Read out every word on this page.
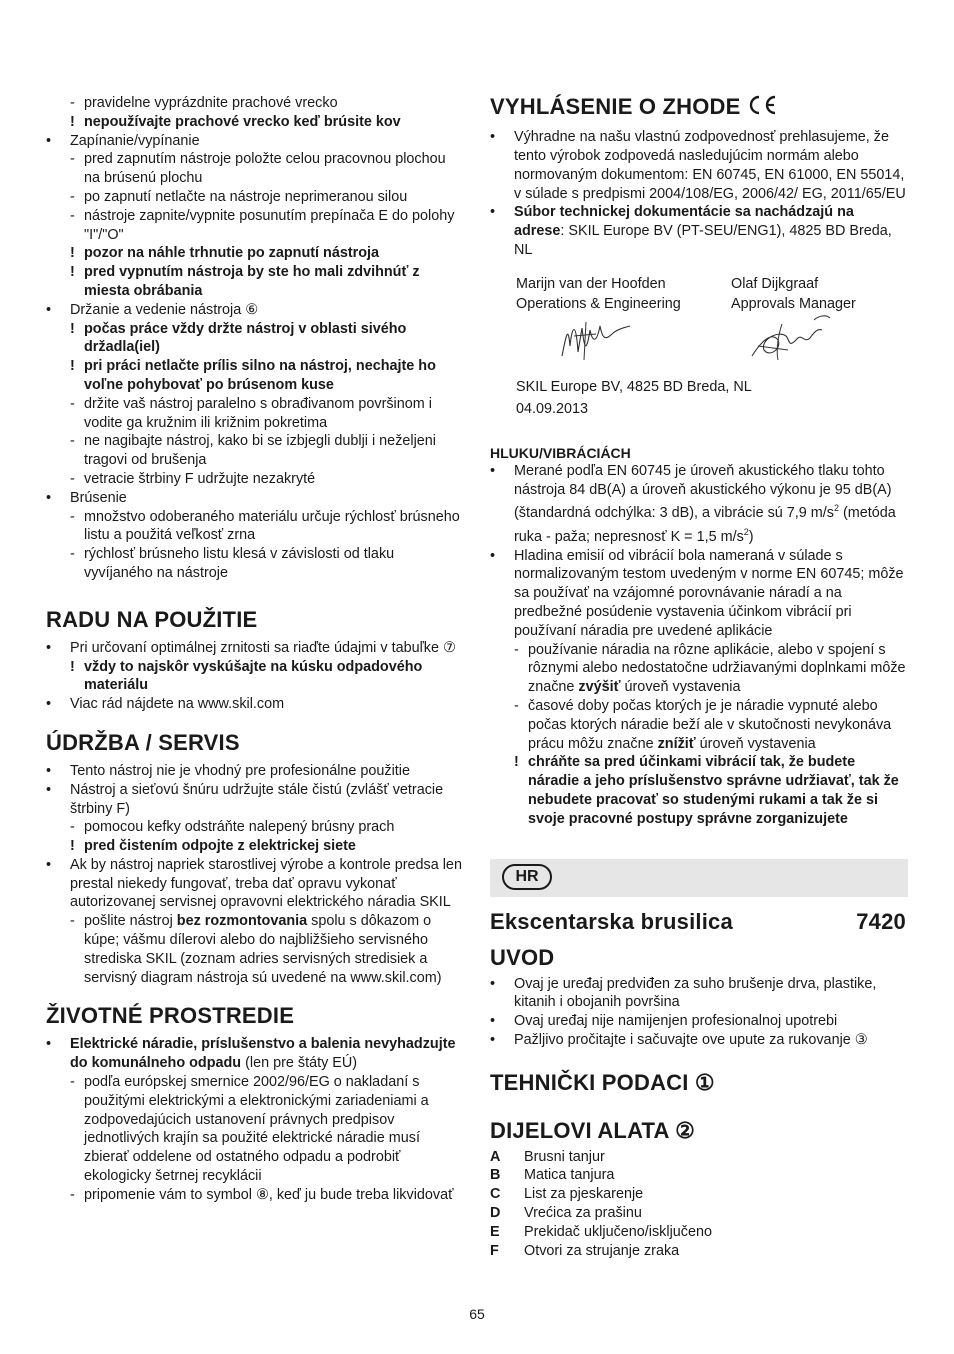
- pravidelne vyprázdnite prachové vrecko
! nepoužívajte prachové vrecko keď brúsite kov
• Zapínanie/vypínanie
- pred zapnutím nástroje položte celou pracovnou plochou na brúsenú plochu
- po zapnutí netlačte na nástroje neprimeranou silou
- nástroje zapnite/vypnite posunutím prepínača E do polohy "I"/"O"
! pozor na náhle trhnutie po zapnutí nástroja
! pred vypnutím nástroja by ste ho mali zdvihnúť z miesta obrábania
• Držanie a vedenie nástroja ⑥
! počas práce vždy držte nástroj v oblasti sivého držadla(iel)
! pri práci netlačte prílis silno na nástroj, nechajte ho voľne pohybovať po brúsenom kuse
- držite vaš nástroj paralelno s obrađivanom površinom i vodite ga kružnim ili križnim pokretima
- ne nagibajte nástroj, kako bi se izbjegli dublji i neželjeni tragovi od brušenja
- vetracie štrbiny F udržujte nezakryté
• Brúsenie
- množstvo odoberaného materiálu určuje rýchlosť brúsneho listu a použitá veľkosť zrna
- rýchlosť brúsneho listu klesá v závislosti od tlaku vyvíjaného na nástroje
RADU NA POUŽITIE
• Pri určovaní optimálnej zrnitosti sa riaďte údajmi v tabuľke ⑦
! vždy to najskôr vyskúšajte na kúsku odpadového materiálu
• Viac rád nájdete na www.skil.com
ÚDRŽBA / SERVIS
• Tento nástroj nie je vhodný pre profesionálne použitie
• Nástroj a sieťovú šnúru udržujte stále čistú (zvlášť vetracie štrbiny F)
- pomocou kefky odstráňte nalepený brúsny prach
! pred čistením odpojte z elektrickej siete
• Ak by nástroj napriek starostlivej výrobe a kontrole predsa len prestal niekedy fungovať, treba dať opravu vykonať autorizovanej servisnej opravovni elektrického náradia SKIL
- pošlite nástroj bez rozmontovania spolu s dôkazom o kúpe; vášmu dílerovi alebo do najbližšieho servisného strediska SKIL (zoznam adries servisných stredisiek a servisný diagram nástroja sú uvedené na www.skil.com)
ŽIVOTNÉ PROSTREDIE
• Elektrické náradie, príslušenstvo a balenia nevyhadzujte do komunálneho odpadu (len pre štáty EÚ)
- podľa európskej smernice 2002/96/EG o nakladaní s použitými elektrickými a elektronickými zariadeniami a zodpovedajúcich ustanovení právnych predpisov jednotlivých krajín sa použité elektrické náradie musí zbierať oddelene od ostatného odpadu a podrobiť ekologicky šetrnej recyklácii
- pripomenie vám to symbol ⑧, keď ju bude treba likvidovať
VYHLÁSENIE O ZHODE
• Výhradne na našu vlastnú zodpovednosť prehlasujeme, že tento výrobok zodpovedá nasledujúcim normám alebo normovaným dokumentom: EN 60745, EN 61000, EN 55014, v súlade s predpismi 2004/108/EG, 2006/42/ EG, 2011/65/EU
• Súbor technickej dokumentácie sa nachádzajú na adrese: SKIL Europe BV (PT-SEU/ENG1), 4825 BD Breda, NL
Marijn van der Hoofden
Operations & Engineering
Olaf Dijkgraaf
Approvals Manager
SKIL Europe BV, 4825 BD Breda, NL
04.09.2013
HLUKU/VIBRÁCIÁCH
• Merané podľa EN 60745 je úroveň akustického tlaku tohto nástroja 84 dB(A) a úroveň akustického výkonu je 95 dB(A) (štandardná odchýlka: 3 dB), a vibrácie sú 7,9 $m/s^2$ (metóda ruka - paža; nepresnosť K = 1,5 $m/s^2$)
• Hladina emisií od vibrácií bola nameraná v súlade s normalizovaným testom uvedeným v norme EN 60745; môže sa používať na vzájomné porovnávanie náradí a na predbežné posúdenie vystavenia účinkom vibrácií pri používaní náradia pre uvedené aplikácie
- používanie náradia na rôzne aplikácie, alebo v spojení s rôznymi alebo nedostatočne udržiavanými doplnkami môže značne zvýšiť úroveň vystavenia
- časové doby počas ktorých je je náradie vypnuté alebo počas ktorých náradie beží ale v skutočnosti nevykonáva prácu môžu značne znížiť úroveň vystavenia
! chráňte sa pred účinkami vibrácií tak, že budete náradie a jeho príslušenstvo správne udržiavať, tak že nebudete pracovať so studenými rukami a tak že si svoje pracovné postupy správne zorganizujete
HR
Ekscentarska brusilica	7420
UVOD
• Ovaj je uređaj predviđen za suho brušenje drva, plastike, kitanih i obojanih površina
• Ovaj uređaj nije namijenjen profesionalnoj upotrebi
• Pažljivo pročitajte i sačuvajte ove upute za rukovanje ③
TEHNIČKI PODACI ①
DIJELOVI ALATA ②
A	Brusni tanjur
B	Matica tanjura
C	List za pjeskarenje
D	Vrećica za prašinu
E	Prekidač uključeno/isključeno
F	Otvori za strujanje zraka
65
